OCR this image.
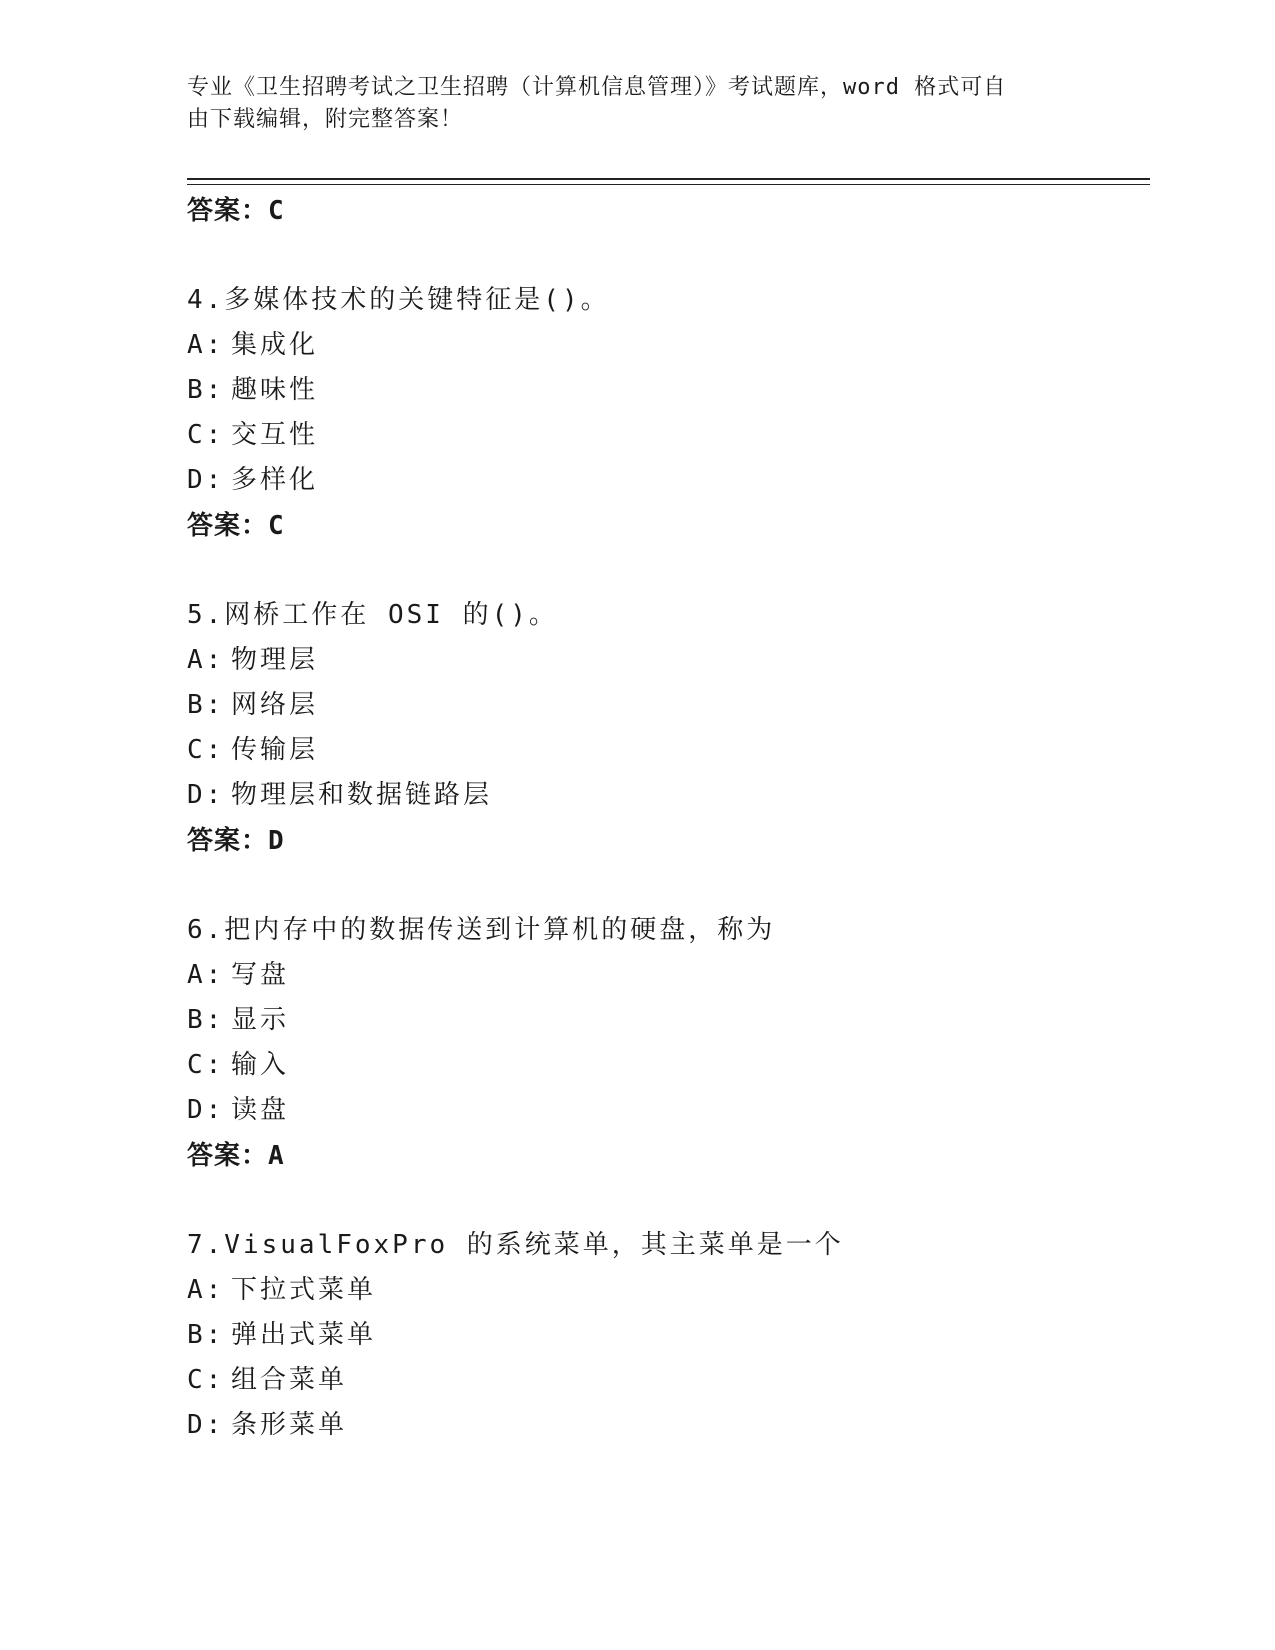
专业《卫生招聘考试之卫生招聘（计算机信息管理）》考试题库，word 格式可自
由下载编辑，附完整答案！
答案：C
4.多媒体技术的关键特征是()。
A: 集成化
B: 趣味性
C: 交互性
D: 多样化
答案：C
5.网桥工作在 OSI 的()。
A: 物理层
B: 网络层
C: 传输层
D: 物理层和数据链路层
答案：D
6.把内存中的数据传送到计算机的硬盘，称为
A: 写盘
B: 显示
C: 输入
D: 读盘
答案：A
7.VisualFoxPro 的系统菜单，其主菜单是一个
A: 下拉式菜单
B: 弹出式菜单
C: 组合菜单
D: 条形菜单
